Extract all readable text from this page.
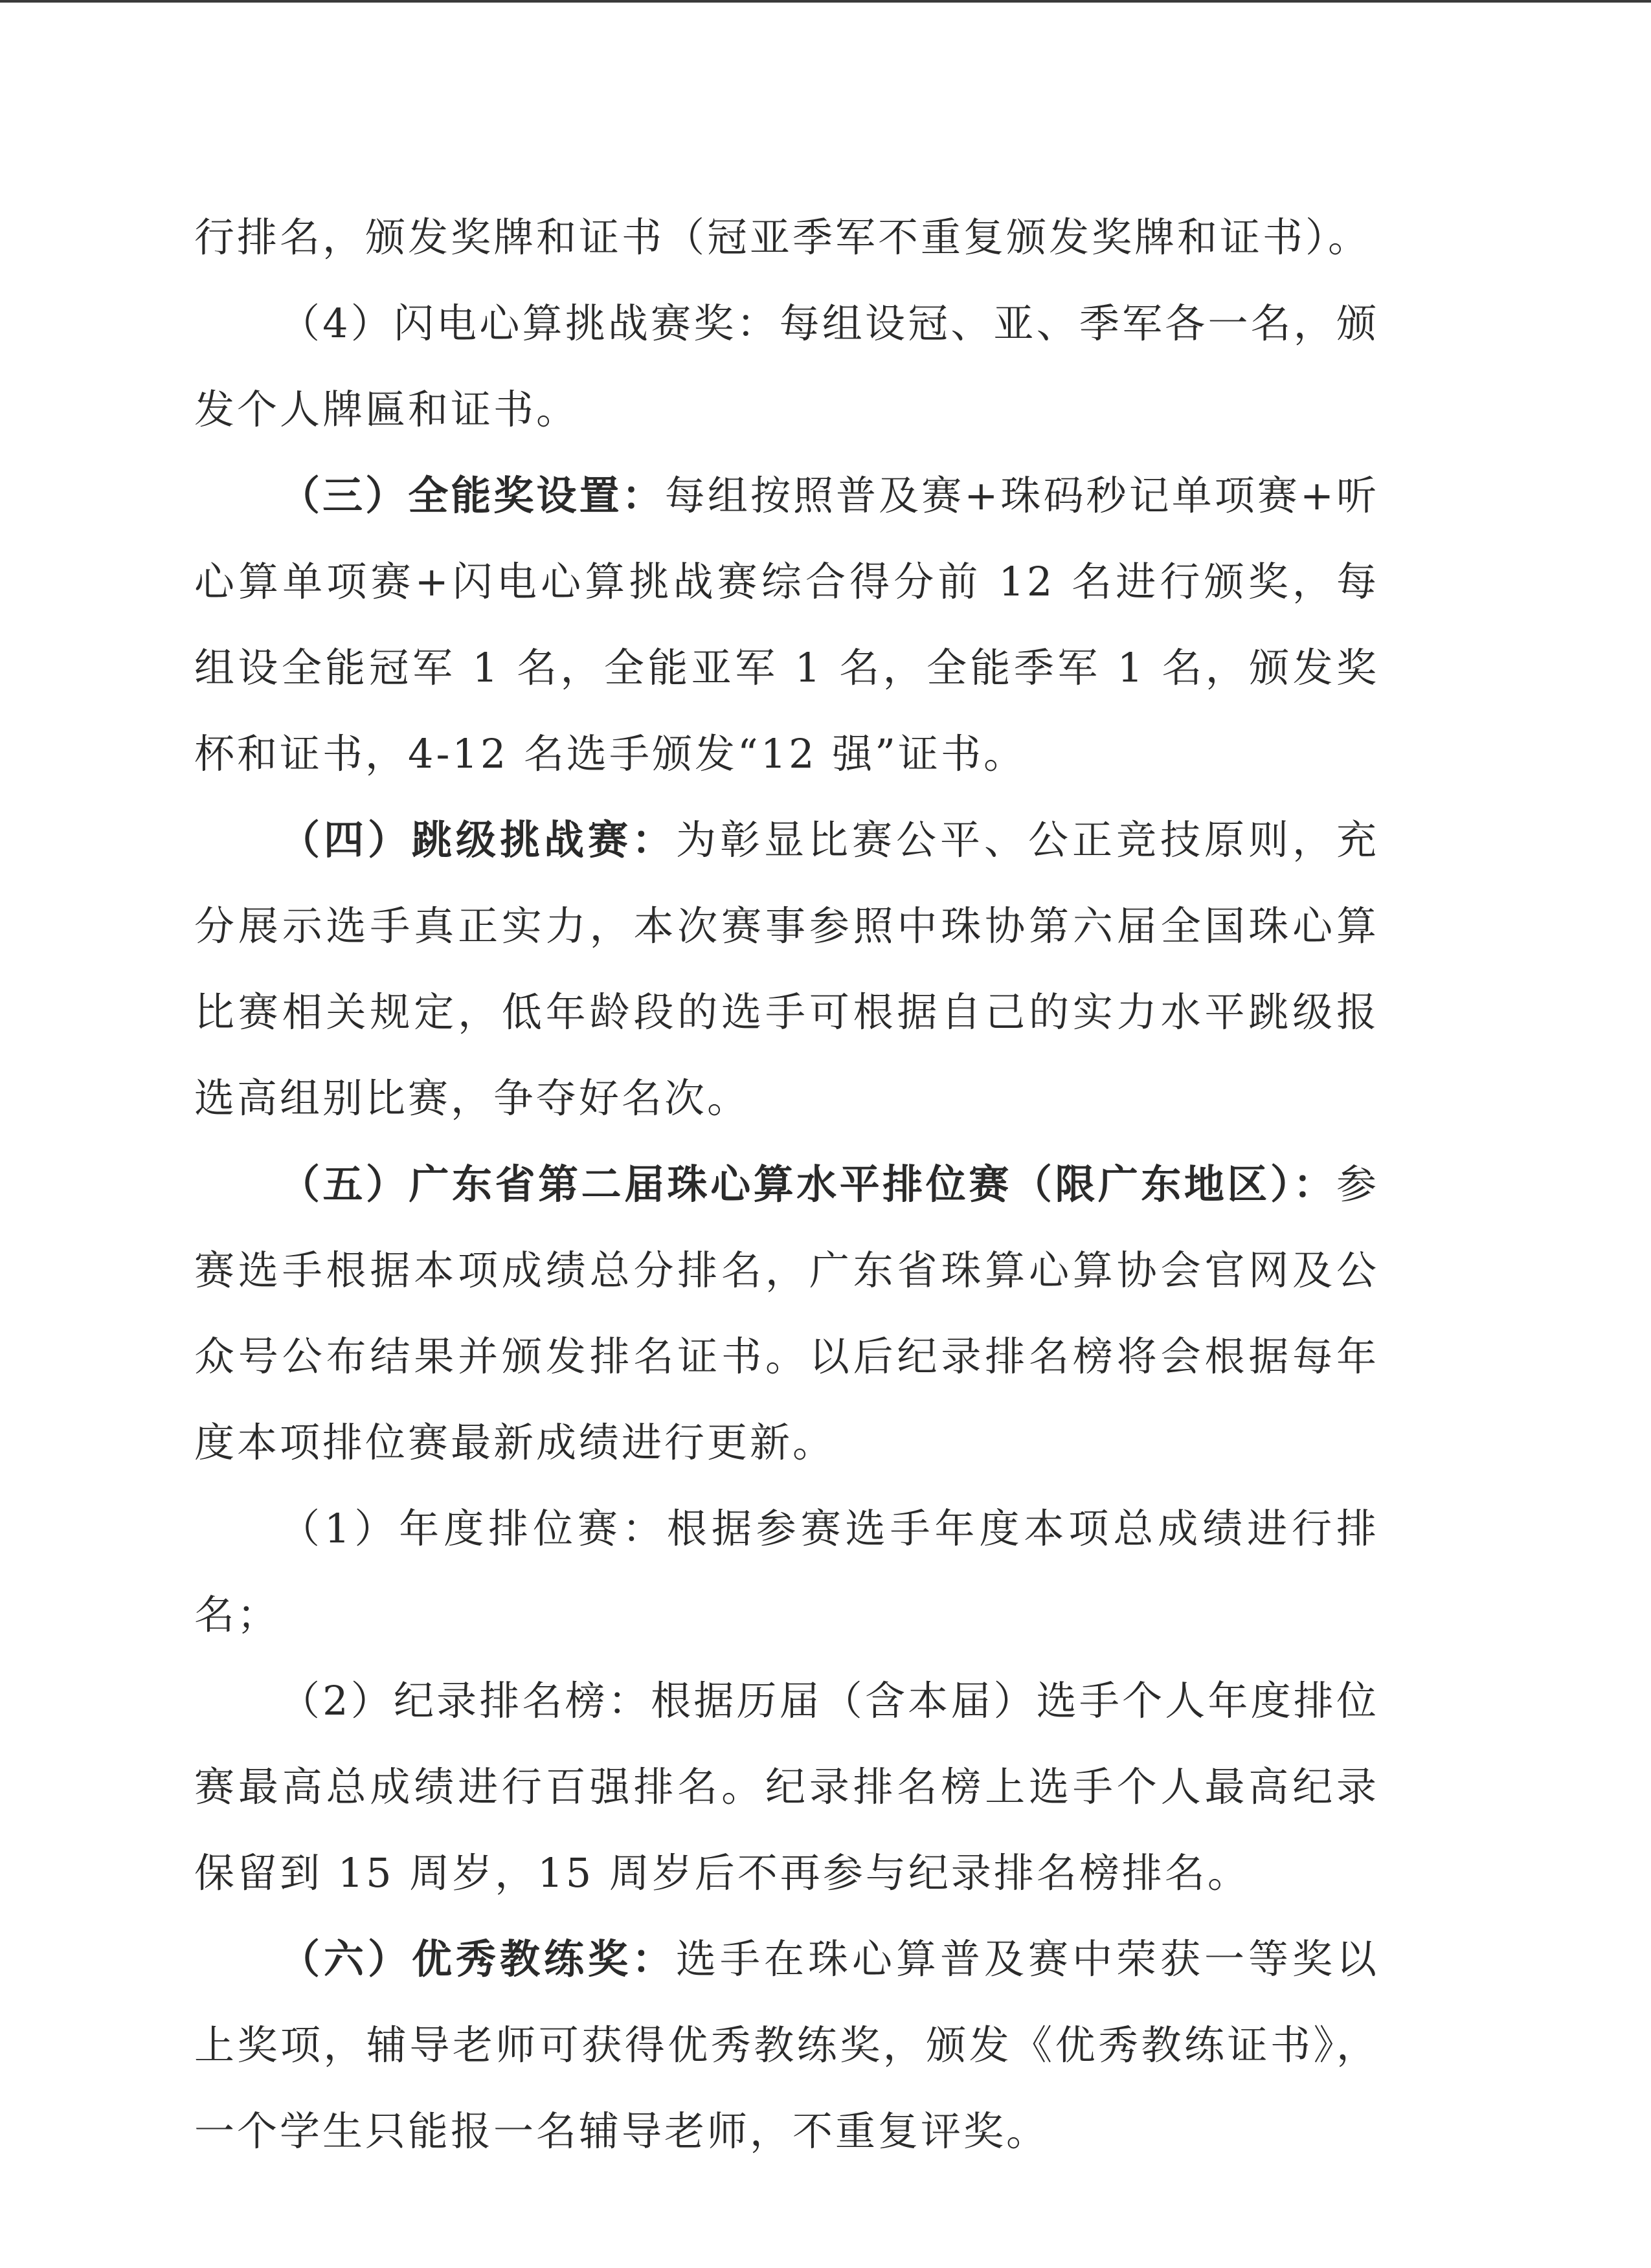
行排名，颁发奖牌和证书（冠亚季军不重复颁发奖牌和证书）。

（4）闪电心算挑战赛奖：每组设冠、亚、季军各一名，颁发个人牌匾和证书。

（三）全能奖设置：每组按照普及赛+珠码秒记单项赛+听心算单项赛+闪电心算挑战赛综合得分前 12 名进行颁奖，每组设全能冠军 1 名，全能亚军 1 名，全能季军 1 名，颁发奖杯和证书，4-12 名选手颁发“12 强”证书。

（四）跳级挑战赛：为彰显比赛公平、公正竞技原则，充分展示选手真正实力，本次赛事参照中珠协第六届全国珠心算比赛相关规定，低年龄段的选手可根据自己的实力水平跳级报选高组别比赛，争夺好名次。

（五）广东省第二届珠心算水平排位赛（限广东地区）：参赛选手根据本项成绩总分排名，广东省珠算心算协会官网及公众号公布结果并颁发排名证书。以后纪录排名榜将会根据每年度本项排位赛最新成绩进行更新。

（1）年度排位赛：根据参赛选手年度本项总成绩进行排名；

（2）纪录排名榜：根据历届（含本届）选手个人年度排位赛最高总成绩进行百强排名。纪录排名榜上选手个人最高纪录保留到 15 周岁，15 周岁后不再参与纪录排名榜排名。

（六）优秀教练奖：选手在珠心算普及赛中荣获一等奖以上奖项，辅导老师可获得优秀教练奖，颁发《优秀教练证书》，一个学生只能报一名辅导老师，不重复评奖。
